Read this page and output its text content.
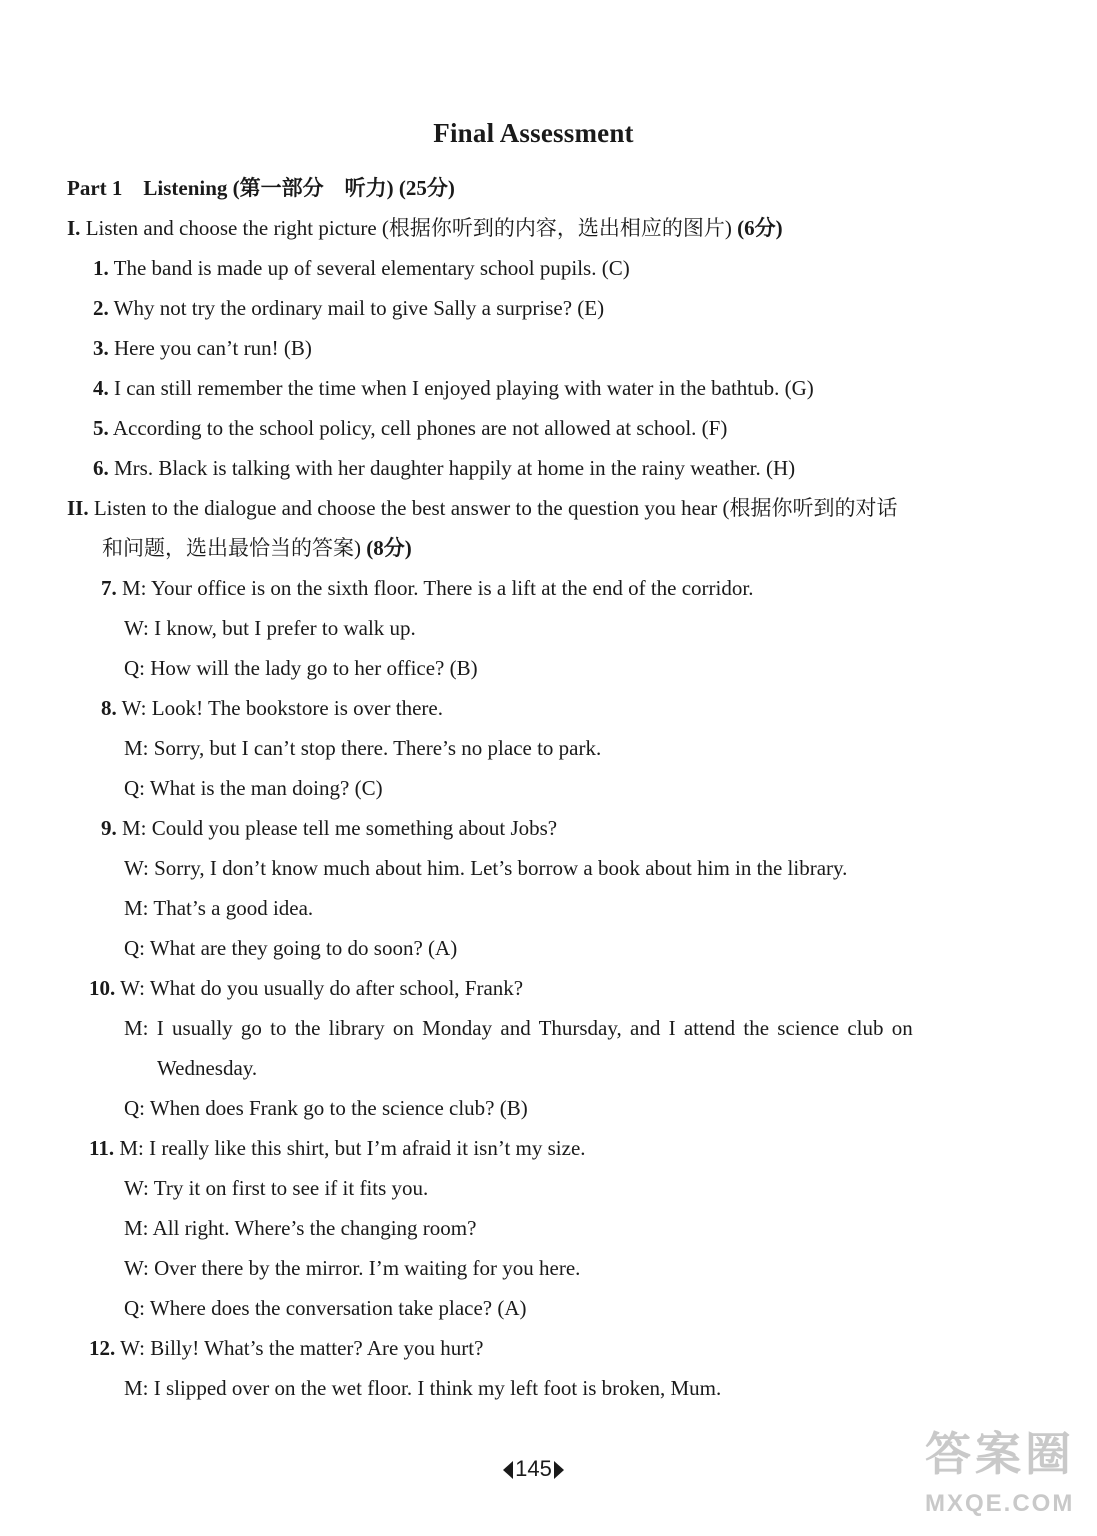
Final Assessment
Part 1 Listening (第一部分　听力) (25分)
I. Listen and choose the right picture (根据你听到的内容，选出相应的图片) (6分)
1. The band is made up of several elementary school pupils. (C)
2. Why not try the ordinary mail to give Sally a surprise? (E)
3. Here you can’t run! (B)
4. I can still remember the time when I enjoyed playing with water in the bathtub. (G)
5. According to the school policy, cell phones are not allowed at school. (F)
6. Mrs. Black is talking with her daughter happily at home in the rainy weather. (H)
II. Listen to the dialogue and choose the best answer to the question you hear (根据你听到的对话
和问题，选出最恰当的答案) (8分)
7. M: Your office is on the sixth floor. There is a lift at the end of the corridor.
W: I know, but I prefer to walk up.
Q: How will the lady go to her office? (B)
8. W: Look! The bookstore is over there.
M: Sorry, but I can’t stop there. There’s no place to park.
Q: What is the man doing? (C)
9. M: Could you please tell me something about Jobs?
W: Sorry, I don’t know much about him. Let’s borrow a book about him in the library.
M: That’s a good idea.
Q: What are they going to do soon? (A)
10. W: What do you usually do after school, Frank?
M: I usually go to the library on Monday and Thursday, and I attend the science club on
Wednesday.
Q: When does Frank go to the science club? (B)
11. M: I really like this shirt, but I’m afraid it isn’t my size.
W: Try it on first to see if it fits you.
M: All right. Where’s the changing room?
W: Over there by the mirror. I’m waiting for you here.
Q: Where does the conversation take place? (A)
12. W: Billy! What’s the matter? Are you hurt?
M: I slipped over on the wet floor. I think my left foot is broken, Mum.
145	答案圈
MXQE.COM
